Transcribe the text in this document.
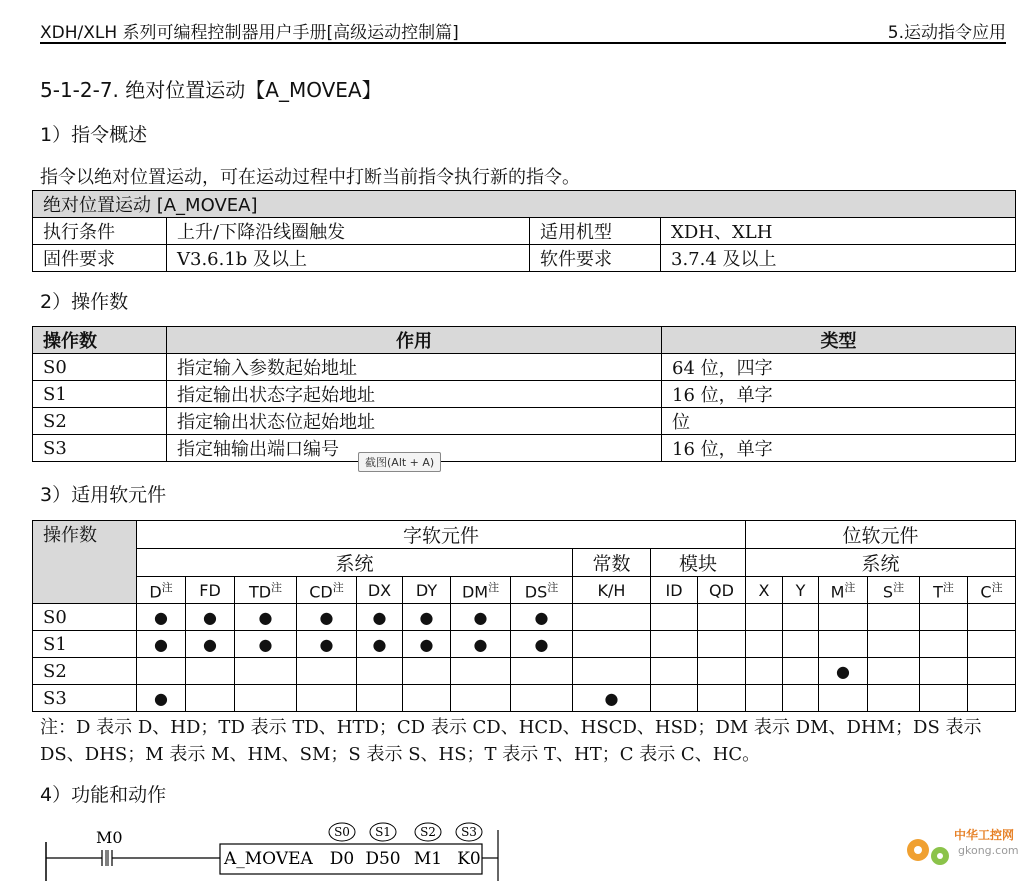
XDH/XLH 系列可编程控制器用户手册[高级运动控制篇]	5.运动指令应用
5-1-2-7. 绝对位置运动【A_MOVEA】
1）指令概述
指令以绝对位置运动，可在运动过程中打断当前指令执行新的指令。
绝对位置运动 [A_MOVEA]			
执行条件	上升/下降沿线圈触发	适用机型	XDH、XLH
固件要求	V3.6.1b 及以上	软件要求	3.7.4 及以上
2）操作数
操作数	作用	类型
S0	指定输入参数起始地址	64 位，四字
S1	指定输出状态字起始地址	16 位，单字
S2	指定输出状态位起始地址	位
S3	指定轴输出端口编号	16 位，单字
截图(Alt + A)
3）适用软元件
操作数	字软元件											位软元件					
	系统								常数	模块		系统					
	$D^注$	FD	$TD^注$	$CD^注$	DX	DY	$DM^注$	$DS^注$	K/H	ID	QD	X	Y	$M^注$	$S^注$	$T^注$	$C^注$
S0	●	●	●	●	●	●	●	●									
S1	●	●	●	●	●	●	●	●									
S2														●			
S3	●								●								
注：D 表示 D、HD；TD 表示 TD、HTD；CD 表示 CD、HCD、HSCD、HSD；DM 表示 DM、DHM；DS 表示 DS、DHS；M 表示 M、HM、SM；S 表示 S、HS；T 表示 T、HT；C 表示 C、HC。
4）功能和动作
M0
A_MOVEA D0
S0
D50
S1
M1
S2
K0
S3	中华工控网
gkong.com
